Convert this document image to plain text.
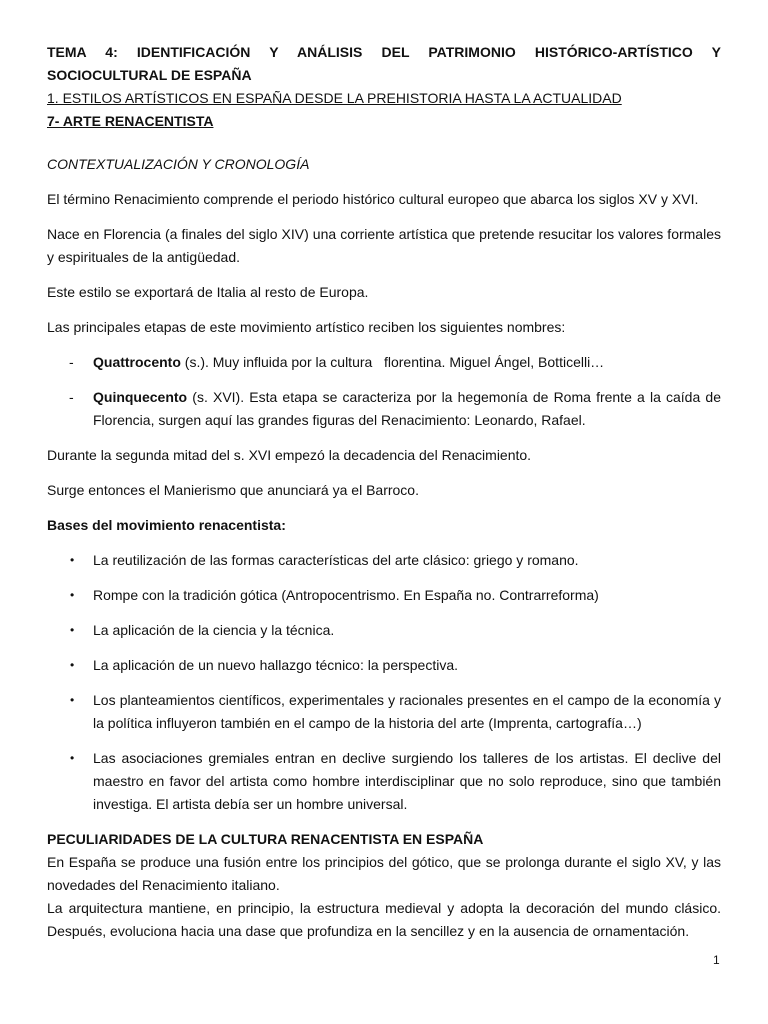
TEMA 4: IDENTIFICACIÓN Y ANÁLISIS DEL PATRIMONIO HISTÓRICO-ARTÍSTICO Y

SOCIOCULTURAL DE ESPAÑA

1. ESTILOS ARTÍSTICOS EN ESPAÑA DESDE LA PREHISTORIA HASTA LA ACTUALIDAD

7- ARTE RENACENTISTA

CONTEXTUALIZACIÓN Y CRONOLOGÍA

El término Renacimiento comprende el periodo histórico cultural europeo que abarca los siglos XV y XVI.

Nace en Florencia (a finales del siglo XIV) una corriente artística que pretende resucitar los valores formales y espirituales de la antigüedad.

Este estilo se exportará de Italia al resto de Europa.

Las principales etapas de este movimiento artístico reciben los siguientes nombres:

- Quattrocento (s.). Muy influida por la cultura   florentina. Miguel Ángel, Botticelli…

- Quinquecento (s. XVI). Esta etapa se caracteriza por la hegemonía de Roma frente a la caída de Florencia, surgen aquí las grandes figuras del Renacimiento: Leonardo, Rafael.

Durante la segunda mitad del s. XVI empezó la decadencia del Renacimiento.

Surge entonces el Manierismo que anunciará ya el Barroco.

Bases del movimiento renacentista:

• La reutilización de las formas características del arte clásico: griego y romano.

• Rompe con la tradición gótica (Antropocentrismo. En España no. Contrarreforma)

• La aplicación de la ciencia y la técnica.

• La aplicación de un nuevo hallazgo técnico: la perspectiva.

• Los planteamientos científicos, experimentales y racionales presentes en el campo de la economía y la política influyeron también en el campo de la historia del arte (Imprenta, cartografía…)

• Las asociaciones gremiales entran en declive surgiendo los talleres de los artistas. El declive del maestro en favor del artista como hombre interdisciplinar que no solo reproduce, sino que también investiga. El artista debía ser un hombre universal.

PECULIARIDADES DE LA CULTURA RENACENTISTA EN ESPAÑA

En España se produce una fusión entre los principios del gótico, que se prolonga durante el siglo XV, y las novedades del Renacimiento italiano.

La arquitectura mantiene, en principio, la estructura medieval y adopta la decoración del mundo clásico. Después, evoluciona hacia una dase que profundiza en la sencillez y en la ausencia de ornamentación.

1
